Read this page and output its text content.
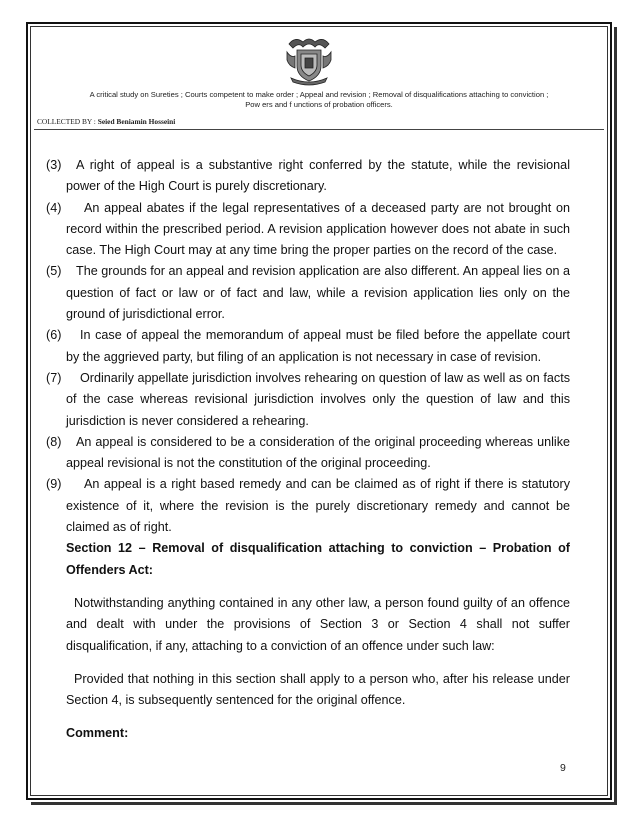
A critical study on Sureties ; Courts competent to make order ; Appeal and revision ; Removal of disqualifications attaching to conviction ;
Pow ers and f unctions of probation officers.
COLLECTED BY : Seied Beniamin Hosseini
(3)	A right of appeal is a substantive right conferred by the statute, while the revisional power of the High Court is purely discretionary.
(4)	An appeal abates if the legal representatives of a deceased party are not brought on record within the prescribed period. A revision application however does not abate in such case. The High Court may at any time bring the proper parties on the record of the case.
(5)	The grounds for an appeal and revision application are also different. An appeal lies on a question of fact or law or of fact and law, while a revision application lies only on the ground of jurisdictional error.
(6)	In case of appeal the memorandum of appeal must be filed before the appellate court by the aggrieved party, but filing of an application is not necessary in case of revision.
(7)	Ordinarily appellate jurisdiction involves rehearing on question of law as well as on facts of the case whereas revisional jurisdiction involves only the question of law and this jurisdiction is never considered a rehearing.
(8)	An appeal is considered to be a consideration of the original proceeding whereas unlike appeal revisional is not the constitution of the original proceeding.
(9)	An appeal is a right based remedy and can be claimed as of right if there is statutory existence of it, where the revision is the purely discretionary remedy and cannot be claimed as of right.
Section 12 – Removal of disqualification attaching to conviction – Probation of Offenders Act:
Notwithstanding anything contained in any other law, a person found guilty of an offence and dealt with under the provisions of Section 3 or Section 4 shall not suffer disqualification, if any, attaching to a conviction of an offence under such law:
Provided that nothing in this section shall apply to a person who, after his release under Section 4, is subsequently sentenced for the original offence.
Comment:
9
